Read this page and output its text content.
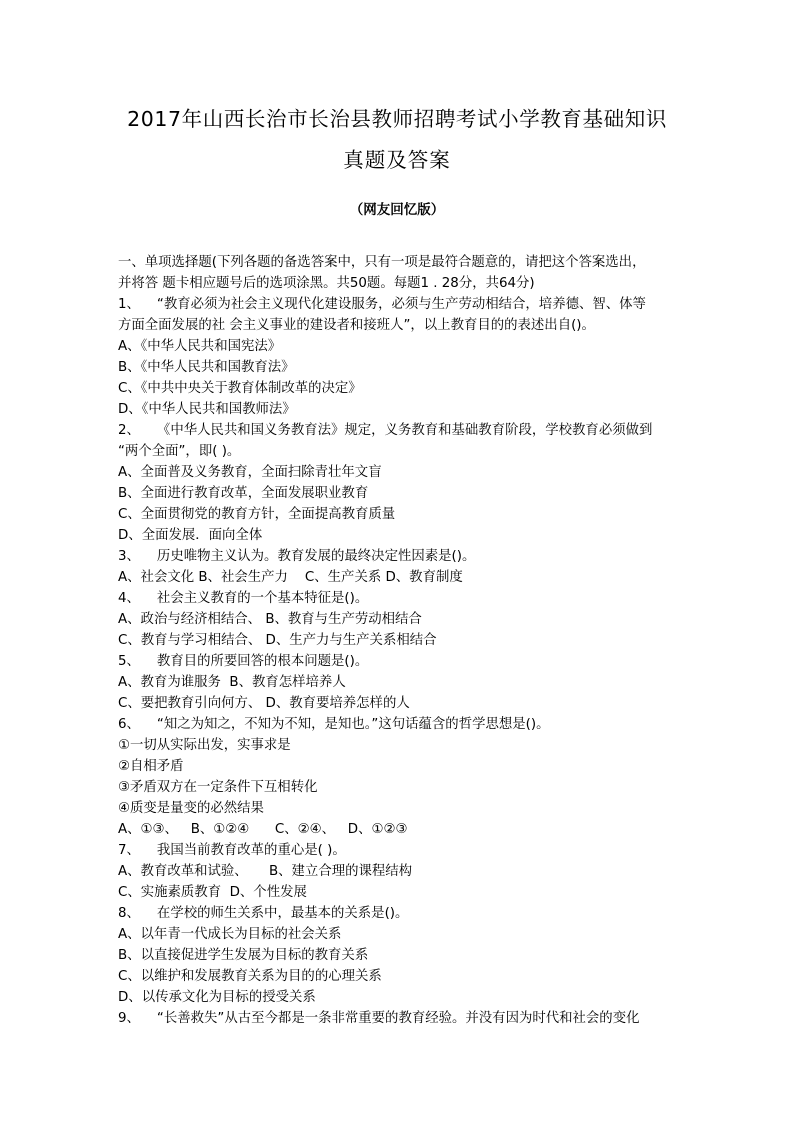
2017年山西长治市长治县教师招聘考试小学教育基础知识
真题及答案
（网友回忆版）
一、单项选择题(下列各题的备选答案中，只有一项是最符合题意的，请把这个答案选出，
并将答 题卡相应题号后的选项涂黑。共50题。每题1 . 28分，共64分)
1、    “教育必须为社会主义现代化建设服务，必须与生产劳动相结合，培养德、智、体等
方面全面发展的社 会主义事业的建设者和接班人”，以上教育目的的表述出自()。
A、《中华人民共和国宪法》
B、《中华人民共和国教育法》
C、《中共中央关于教育体制改革的决定》
D、《中华人民共和国教师法》
2、    《中华人民共和国义务教育法》规定，义务教育和基础教育阶段，学校教育必须做到
“两个全面”，即( )。
A、全面普及义务教育，全面扫除青壮年文盲
B、全面进行教育改革，全面发展职业教育
C、全面贯彻党的教育方针，全面提高教育质量
D、全面发展．面向全体
3、    历史唯物主义认为。教育发展的最终决定性因素是()。
A、社会文化 B、社会生产力    C、生产关系 D、教育制度
4、    社会主义教育的一个基本特征是()。
A、政治与经济相结合、 B、教育与生产劳动相结合
C、教育与学习相结合、 D、生产力与生产关系相结合
5、    教育目的所要回答的根本问题是()。
A、教育为谁服务  B、教育怎样培养人
C、要把教育引向何方、 D、教育要培养怎样的人
6、    “知之为知之，不知为不知，是知也。”这句话蕴含的哲学思想是()。
①一切从实际出发，实事求是
②自相矛盾
③矛盾双方在一定条件下互相转化
④质变是量变的必然结果
A、①③、   B、①②④      C、②④、   D、①②③
7、    我国当前教育改革的重心是( )。
A、教育改革和试验、     B、建立合理的课程结构
C、实施素质教育  D、个性发展
8、    在学校的师生关系中，最基本的关系是()。
A、以年青一代成长为目标的社会关系
B、以直接促进学生发展为目标的教育关系
C、以维护和发展教育关系为目的的心理关系
D、以传承文化为目标的授受关系
9、    “长善救失”从古至今都是一条非常重要的教育经验。并没有因为时代和社会的变化
